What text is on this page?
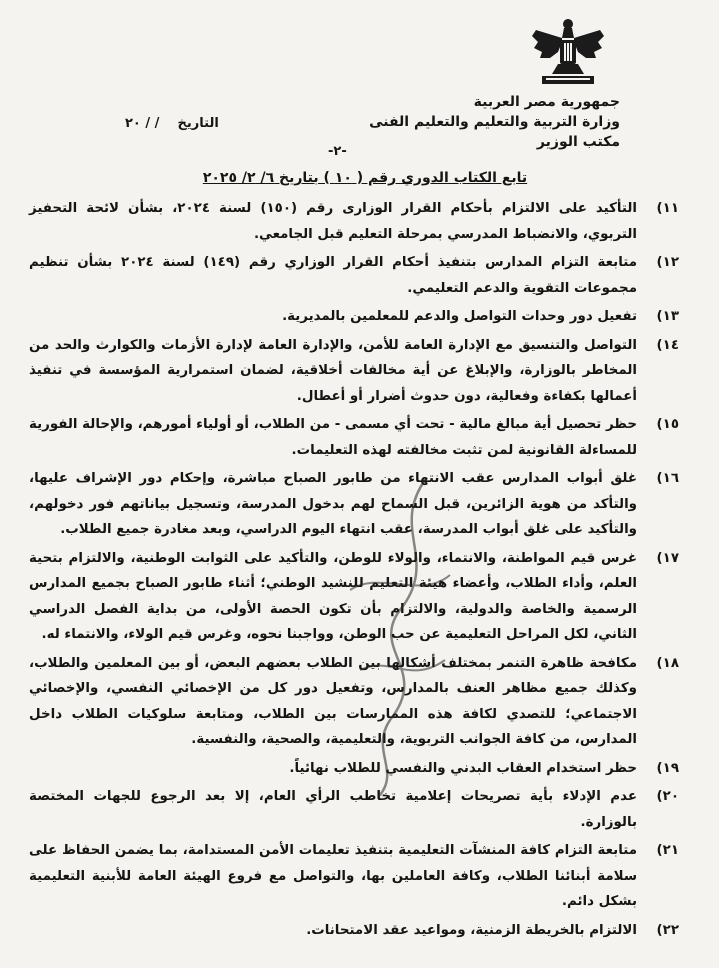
جمهورية مصر العربية
وزارة التربية والتعليم والتعليم الفنى
مكتب الوزير
التاريخ    / / ٢٠
-٢-
تابع الكتاب الدوري رقم ( ١٠ ) بتاريخ ٦/ ٢/ ٢٠٢٥
١١)
التأكيد على الالتزام بأحكام القرار الوزارى رقم (١٥٠) لسنة ٢٠٢٤، بشأن لائحة التحفيز التربوي، والانضباط المدرسي بمرحلة التعليم قبل الجامعي.
١٢)
متابعة التزام المدارس بتنفيذ أحكام القرار الوزاري رقم (١٤٩) لسنة ٢٠٢٤ بشأن تنظيم مجموعات التقوية والدعم التعليمي.
١٣)
تفعيل دور وحدات التواصل والدعم للمعلمين بالمديرية.
١٤)
التواصل والتنسيق مع الإدارة العامة للأمن، والإدارة العامة لإدارة الأزمات والكوارث والحد من المخاطر بالوزارة، والإبلاغ عن أية مخالفات أخلاقية، لضمان استمرارية المؤسسة في تنفيذ أعمالها بكفاءة وفعالية، دون حدوث أضرار أو أعطال.
١٥)
حظر تحصيل أية مبالغ مالية - تحت أي مسمى - من الطلاب، أو أولياء أمورهم، والإحالة الفورية للمساءلة القانونية لمن تثبت مخالفته لهذه التعليمات.
١٦)
غلق أبواب المدارس عقب الانتهاء من طابور الصباح مباشرة، وإحكام دور الإشراف عليها، والتأكد من هوية الزائرين، قبل السماح لهم بدخول المدرسة، وتسجيل بياناتهم فور دخولهم، والتأكيد على غلق أبواب المدرسة، عقب انتهاء اليوم الدراسي، وبعد مغادرة جميع الطلاب.
١٧)
غرس قيم المواطنة، والانتماء، والولاء للوطن، والتأكيد على الثوابت الوطنية، والالتزام بتحية العلم، وأداء الطلاب، وأعضاء هيئة التعليم للنشيد الوطني؛ أثناء طابور الصباح بجميع المدارس الرسمية والخاصة والدولية، والالتزام بأن تكون الحصة الأولى، من بداية الفصل الدراسي الثاني، لكل المراحل التعليمية عن حب الوطن، وواجبنا نحوه، وغرس قيم الولاء، والانتماء له.
١٨)
مكافحة ظاهرة التنمر بمختلف أشكالها بين الطلاب بعضهم البعض، أو بين المعلمين والطلاب، وكذلك جميع مظاهر العنف بالمدارس، وتفعيل دور كل من الإخصائي النفسي، والإخصائي الاجتماعي؛ للتصدي لكافة هذه الممارسات بين الطلاب، ومتابعة سلوكيات الطلاب داخل المدارس، من كافة الجوانب التربوية، والتعليمية، والصحية، والنفسية.
١٩)
حظر استخدام العقاب البدني والنفسي للطلاب نهائياً.
٢٠)
عدم الإدلاء بأية تصريحات إعلامية تخاطب الرأي العام، إلا بعد الرجوع للجهات المختصة بالوزارة.
٢١)
متابعة التزام كافة المنشآت التعليمية بتنفيذ تعليمات الأمن المستدامة، بما يضمن الحفاظ على سلامة أبنائنا الطلاب، وكافة العاملين بها، والتواصل مع فروع الهيئة العامة للأبنية التعليمية بشكل دائم.
٢٢)
الالتزام بالخريطة الزمنية، ومواعيد عقد الامتحانات.
